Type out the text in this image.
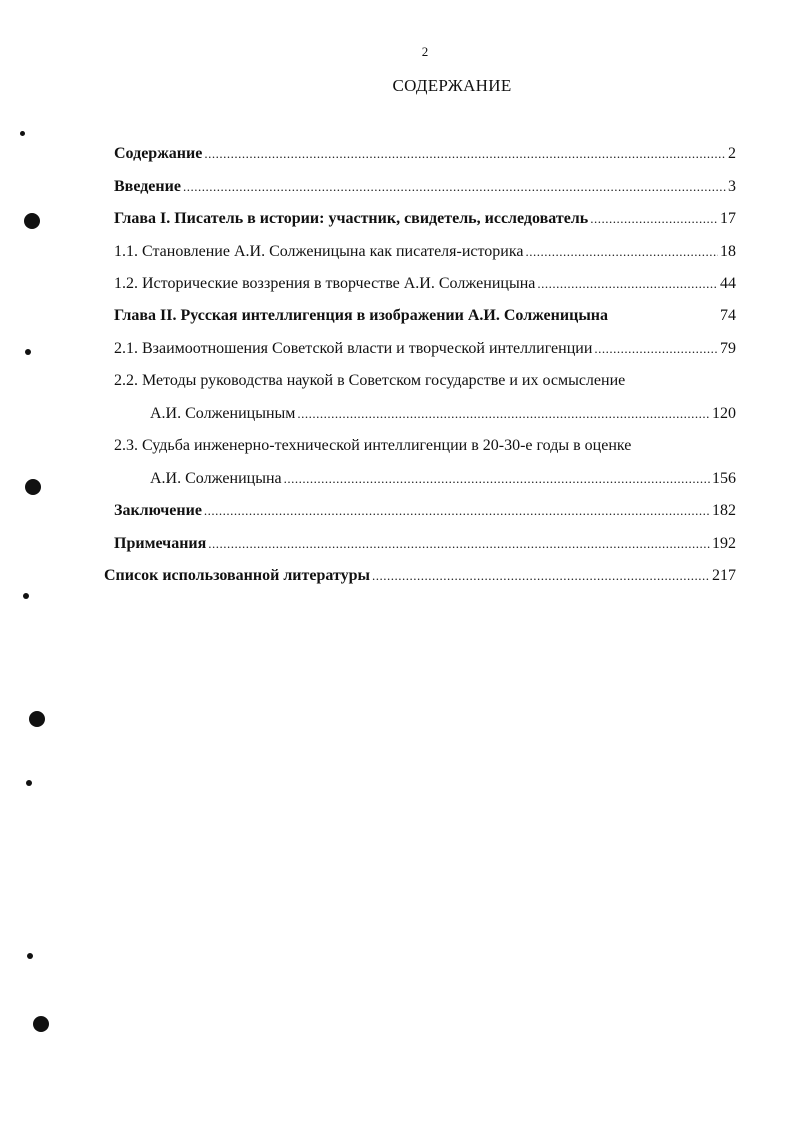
2
СОДЕРЖАНИЕ
Содержание .....	2
Введение .....	3
Глава I. Писатель в истории: участник, свидетель, исследователь .....	17
1.1. Становление А.И. Солженицына как писателя-историка .....	18
1.2. Исторические воззрения в творчестве А.И. Солженицына .....	44
Глава II. Русская интеллигенция в изображении А.И. Солженицына	74
2.1. Взаимоотношения Советской власти и творческой интеллигенции .....	79
2.2. Методы руководства наукой в Советском государстве и их осмысление
А.И. Солженицыным .....	120
2.3. Судьба инженерно-технической интеллигенции в 20-30-е годы в оценке
А.И. Солженицына .....	156
Заключение .....	182
Примечания .....	192
Список использованной литературы .....	217
